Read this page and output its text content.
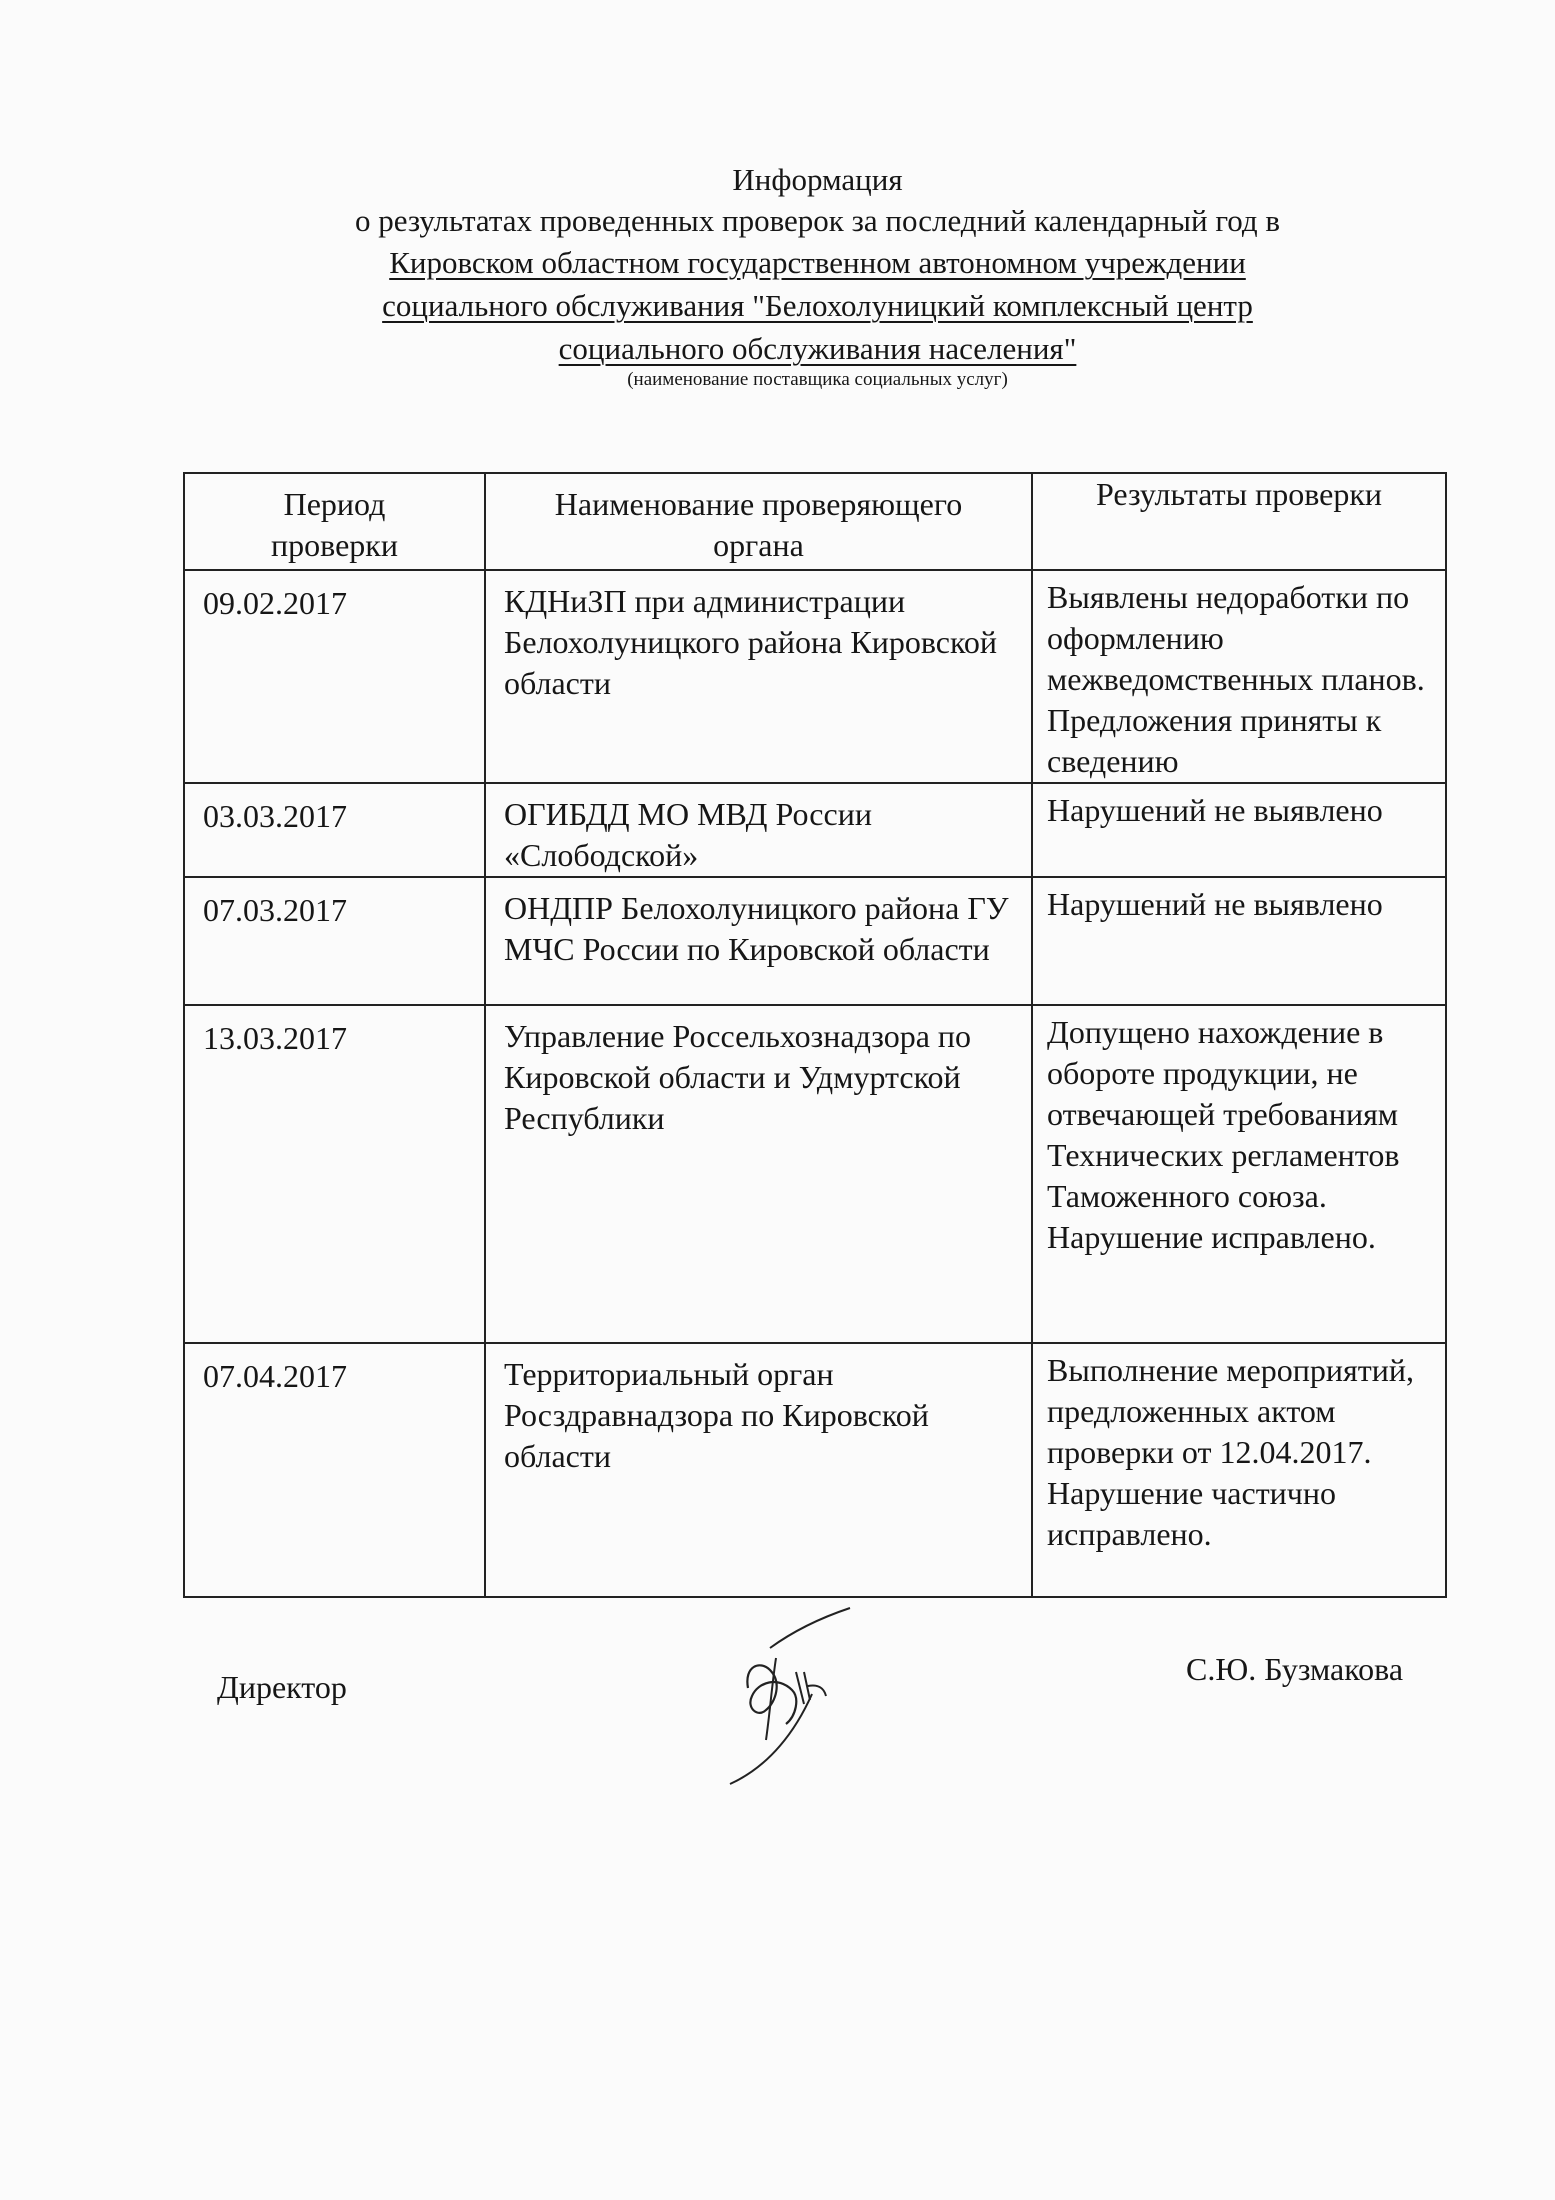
Информация
о результатах проведенных проверок за последний календарный год в
Кировском областном государственном автономном учреждении
социального обслуживания "Белохолуницкий комплексный центр
социального обслуживания населения"
(наименование поставщика социальных услуг)
Период проверки	Наименование проверяющего органа	Результаты проверки
09.02.2017	КДНиЗП при администрации Белохолуницкого района Кировской области	Выявлены недоработки по оформлению межведомственных планов. Предложения приняты к сведению
03.03.2017	ОГИБДД МО МВД России «Слободской»	Нарушений не выявлено
07.03.2017	ОНДПР Белохолуницкого района ГУ МЧС России по Кировской области	Нарушений не выявлено
13.03.2017	Управление Россельхознадзора по Кировской области и Удмуртской Республики	Допущено нахождение в обороте продукции, не отвечающей требованиям Технических регламентов Таможенного союза. Нарушение исправлено.
07.04.2017	Территориальный орган Росздравнадзора по Кировской области	Выполнение мероприятий, предложенных актом проверки от 12.04.2017. Нарушение частично исправлено.
Директор	С.Ю. Бузмакова
